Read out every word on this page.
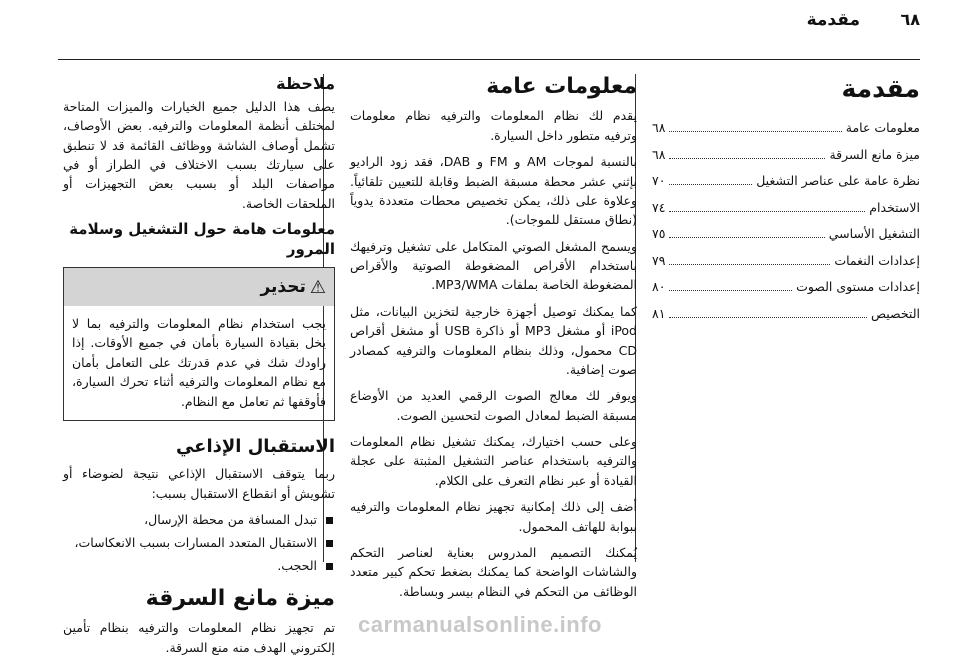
مقدمة	٦٨
مقدمة
معلومات عامة
٦٨
ميزة مانع السرقة
٦٨
نظرة عامة على عناصر التشغيل
٧٠
الاستخدام
٧٤
التشغيل الأساسي
٧٥
إعدادات النغمات
٧٩
إعدادات مستوى الصوت
٨٠
التخصيص
٨١
معلومات عامة

يقدم لك نظام المعلومات والترفيه نظام معلومات وترفيه متطور داخل السيارة.

بالنسبة لموجات AM و FM و DAB، فقد زود الراديو بإثني عشر محطة مسبقة الضبط وقابلة للتعيين تلقائياً. وعلاوة على ذلك، يمكن تخصيص محطات متعددة يدوياً (نطاق مستقل للموجات).

ويسمح المشغل الصوتي المتكامل على تشغيل وترفيهك باستخدام الأقراص المضغوطة الصوتية والأقراص المضغوطة الخاصة بملفات MP3/WMA.

كما يمكنك توصيل أجهزة خارجية لتخزين البيانات، مثل iPod أو مشغل MP3 أو ذاكرة USB أو مشغل أقراص CD محمول، وذلك بنظام المعلومات والترفيه كمصادر صوت إضافية.

ويوفر لك معالج الصوت الرقمي العديد من الأوضاع مسبقة الضبط لمعادل الصوت لتحسين الصوت.

وعلى حسب اختيارك، يمكنك تشغيل نظام المعلومات والترفيه باستخدام عناصر التشغيل المثبتة على عجلة القيادة أو عبر نظام التعرف على الكلام.

أضف إلى ذلك إمكانية تجهيز نظام المعلومات والترفيه ببوابة للهاتف المحمول.

يُمكنك التصميم المدروس بعناية لعناصر التحكم والشاشات الواضحة كما يمكنك بضغط تحكم كبير متعدد الوظائف من التحكم في النظام بيسر وبساطة.

ملاحظة

يصف هذا الدليل جميع الخيارات والميزات المتاحة لمختلف أنظمة المعلومات والترفيه. بعض الأوصاف، تشمل أوصاف الشاشة ووظائف القائمة قد لا تنطبق على سيارتك بسبب الاختلاف في الطراز أو في مواصفات البلد أو بسبب بعض التجهيزات أو الملحقات الخاصة.

معلومات هامة حول التشغيل وسلامة المرور
⚠
تحذير

يجب استخدام نظام المعلومات والترفيه بما لا يخل بقيادة السيارة بأمان في جميع الأوقات. إذا راودك شك في عدم قدرتك على التعامل بأمان مع نظام المعلومات والترفيه أثناء تحرك السيارة، فأوقفها ثم تعامل مع النظام.

الاستقبال الإذاعي

ربما يتوقف الاستقبال الإذاعي نتيجة لضوضاء أو تشويش أو انقطاع الاستقبال بسبب:

تبدل المسافة من محطة الإرسال،
الاستقبال المتعدد المسارات بسبب الانعكاسات،
الحجب.
ميزة مانع السرقة

تم تجهيز نظام المعلومات والترفيه بنظام تأمين إلكتروني الهدف منه منع السرقة.

carmanualsonline.info
